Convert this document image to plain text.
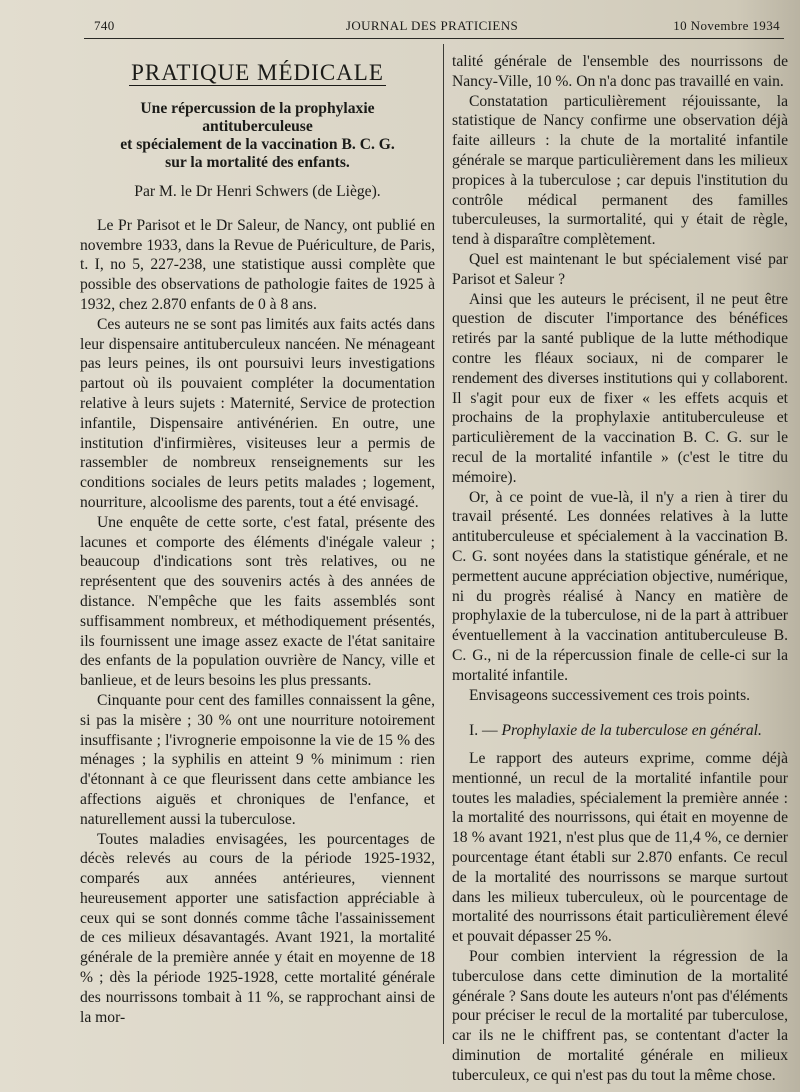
740	JOURNAL DES PRATICIENS	10 Novembre 1934
PRATIQUE MÉDICALE
Une répercussion de la prophylaxie
antituberculeuse
et spécialement de la vaccination B. C. G.
sur la mortalité des enfants.
Par M. le Dr Henri Schwers (de Liège).

Le Pr Parisot et le Dr Saleur, de Nancy, ont publié en novembre 1933, dans la Revue de Puériculture, de Paris, t. I, no 5, 227-238, une statistique aussi complète que possible des observations de pathologie faites de 1925 à 1932, chez 2.870 enfants de 0 à 8 ans.

Ces auteurs ne se sont pas limités aux faits actés dans leur dispensaire antituberculeux nancéen. Ne ménageant pas leurs peines, ils ont poursuivi leurs investigations partout où ils pouvaient compléter la documentation relative à leurs sujets : Maternité, Service de protection infantile, Dispensaire antivénérien. En outre, une institution d'infirmières, visiteuses leur a permis de rassembler de nombreux renseignements sur les conditions sociales de leurs petits malades ; logement, nourriture, alcoolisme des parents, tout a été envisagé.

Une enquête de cette sorte, c'est fatal, présente des lacunes et comporte des éléments d'inégale valeur ; beaucoup d'indications sont très relatives, ou ne représentent que des souvenirs actés à des années de distance. N'empêche que les faits assemblés sont suffisamment nombreux, et méthodiquement présentés, ils fournissent une image assez exacte de l'état sanitaire des enfants de la population ouvrière de Nancy, ville et banlieue, et de leurs besoins les plus pressants.

Cinquante pour cent des familles connaissent la gêne, si pas la misère ; 30 % ont une nourriture notoirement insuffisante ; l'ivrognerie empoisonne la vie de 15 % des ménages ; la syphilis en atteint 9 % minimum : rien d'étonnant à ce que fleurissent dans cette ambiance les affections aiguës et chroniques de l'enfance, et naturellement aussi la tuberculose.

Toutes maladies envisagées, les pourcentages de décès relevés au cours de la période 1925-1932, comparés aux années antérieures, viennent heureusement apporter une satisfaction appréciable à ceux qui se sont donnés comme tâche l'assainissement de ces milieux désavantagés. Avant 1921, la mortalité générale de la première année y était en moyenne de 18 % ; dès la période 1925-1928, cette mortalité générale des nourrissons tombait à 11 %, se rapprochant ainsi de la mor-

talité générale de l'ensemble des nourrissons de Nancy-Ville, 10 %. On n'a donc pas travaillé en vain.

Constatation particulièrement réjouissante, la statistique de Nancy confirme une observation déjà faite ailleurs : la chute de la mortalité infantile générale se marque particulièrement dans les milieux propices à la tuberculose ; car depuis l'institution du contrôle médical permanent des familles tuberculeuses, la surmortalité, qui y était de règle, tend à disparaître complètement.

Quel est maintenant le but spécialement visé par Parisot et Saleur ?

Ainsi que les auteurs le précisent, il ne peut être question de discuter l'importance des bénéfices retirés par la santé publique de la lutte méthodique contre les fléaux sociaux, ni de comparer le rendement des diverses institutions qui y collaborent. Il s'agit pour eux de fixer « les effets acquis et prochains de la prophylaxie antituberculeuse et particulièrement de la vaccination B. C. G. sur le recul de la mortalité infantile » (c'est le titre du mémoire).

Or, à ce point de vue-là, il n'y a rien à tirer du travail présenté. Les données relatives à la lutte antituberculeuse et spécialement à la vaccination B. C. G. sont noyées dans la statistique générale, et ne permettent aucune appréciation objective, numérique, ni du progrès réalisé à Nancy en matière de prophylaxie de la tuberculose, ni de la part à attribuer éventuellement à la vaccination antituberculeuse B. C. G., ni de la répercussion finale de celle-ci sur la mortalité infantile.

Envisageons successivement ces trois points.

I. — Prophylaxie de la tuberculose en général.

Le rapport des auteurs exprime, comme déjà mentionné, un recul de la mortalité infantile pour toutes les maladies, spécialement la première année : la mortalité des nourrissons, qui était en moyenne de 18 % avant 1921, n'est plus que de 11,4 %, ce dernier pourcentage étant établi sur 2.870 enfants. Ce recul de la mortalité des nourrissons se marque surtout dans les milieux tuberculeux, où le pourcentage de mortalité des nourrissons était particulièrement élevé et pouvait dépasser 25 %.

Pour combien intervient la régression de la tuberculose dans cette diminution de la mortalité générale ? Sans doute les auteurs n'ont pas d'éléments pour préciser le recul de la mortalité par tuberculose, car ils ne le chiffrent pas, se contentant d'acter la diminution de mortalité générale en milieux tuberculeux, ce qui n'est pas du tout la même chose.
